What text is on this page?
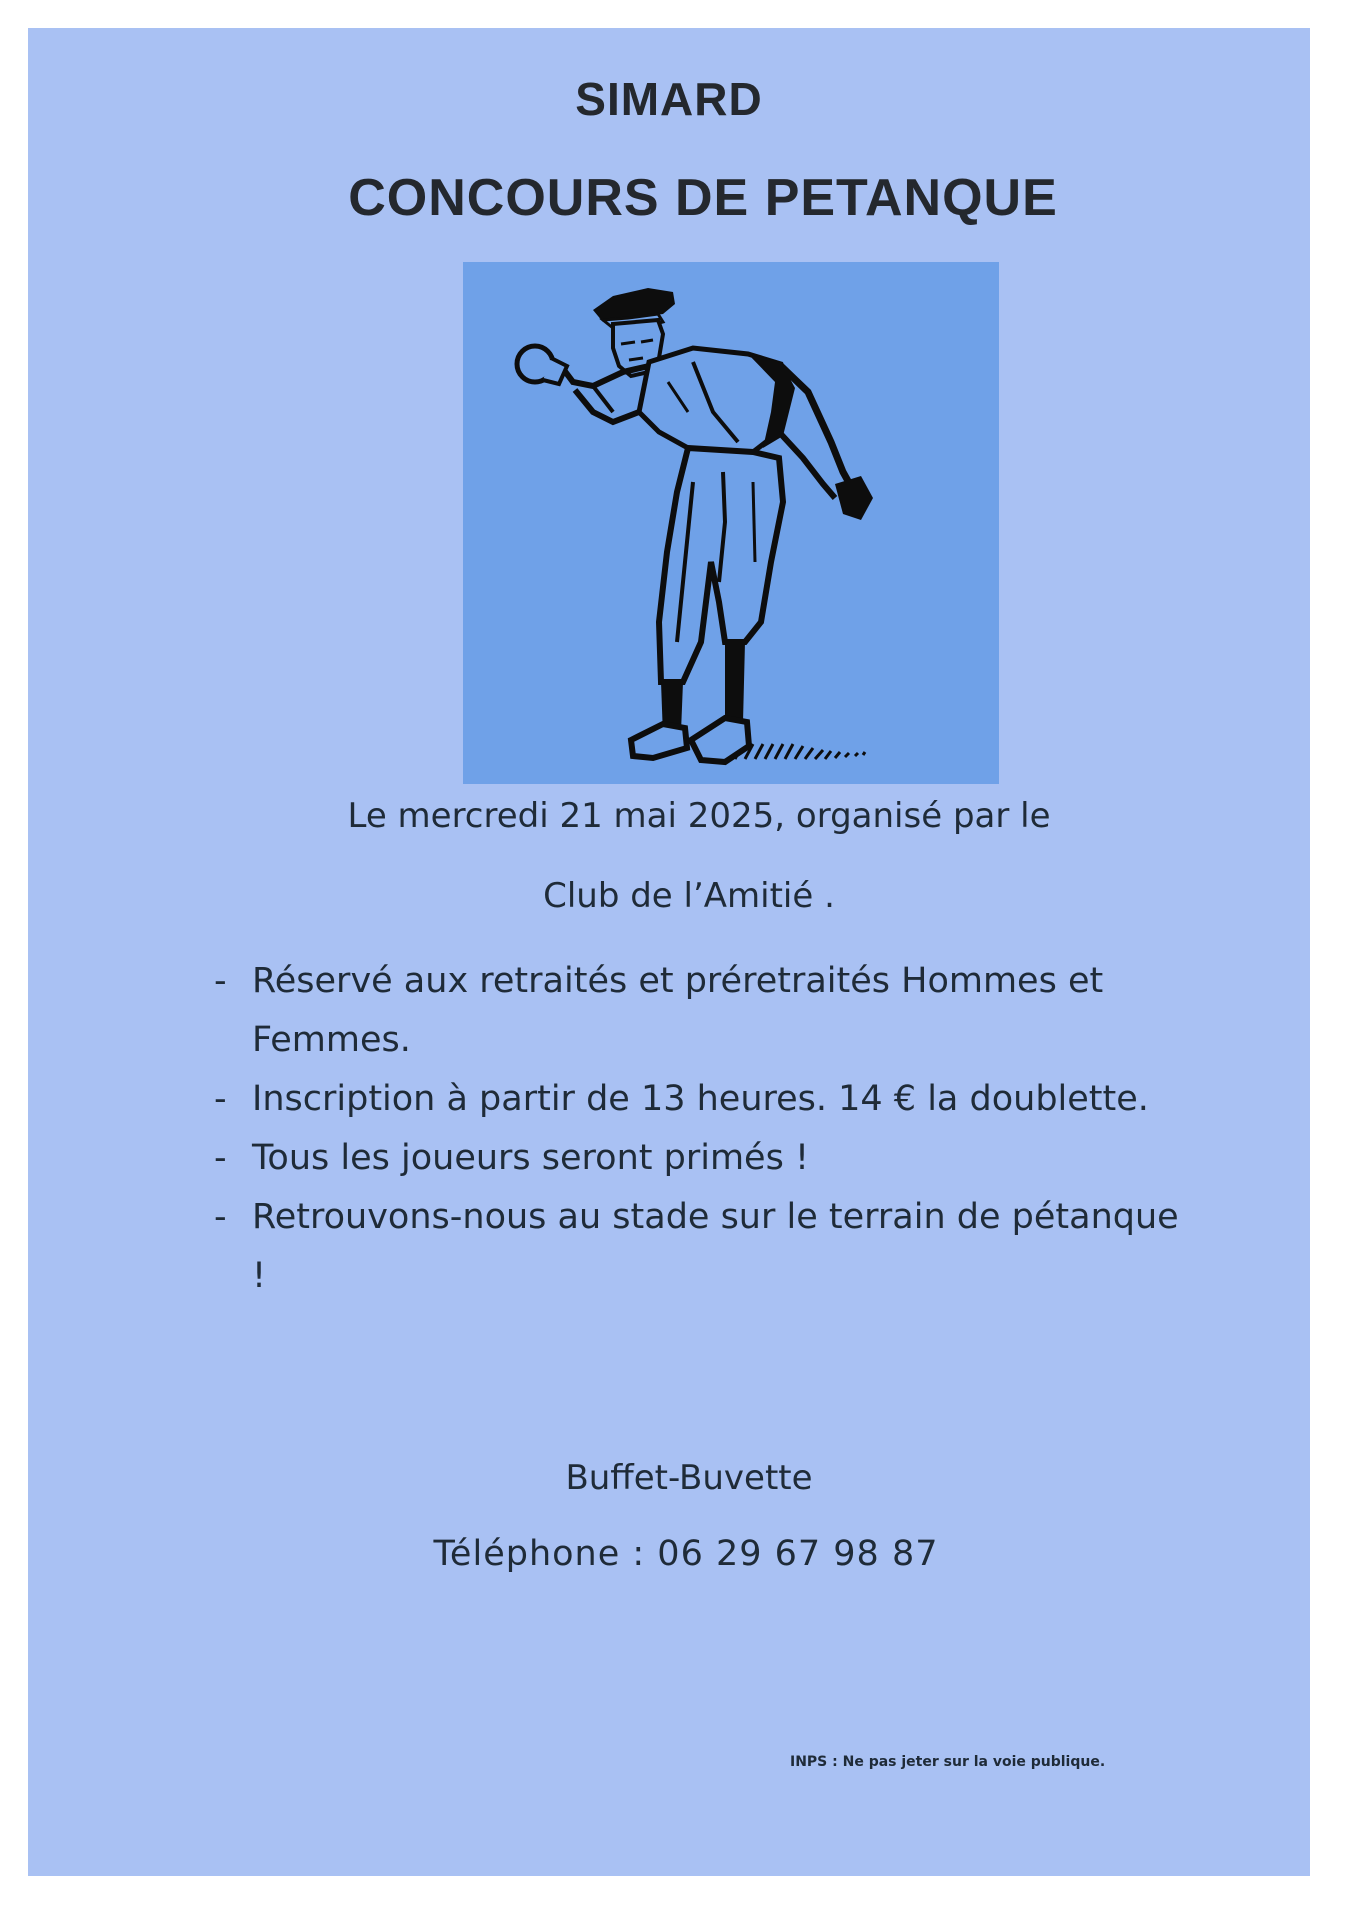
SIMARD
CONCOURS DE PETANQUE
Le mercredi 21 mai 2025, organisé par le
Club de l’Amitié .
- Réservé aux retraités et préretraités Hommes et Femmes.
- Inscription à partir de 13 heures. 14 € la doublette.
- Tous les joueurs seront primés !
- Retrouvons-nous au stade sur le terrain de pétanque !
Buffet-Buvette
Téléphone : 06 29 67 98 87
INPS : Ne pas jeter sur la voie publique.
